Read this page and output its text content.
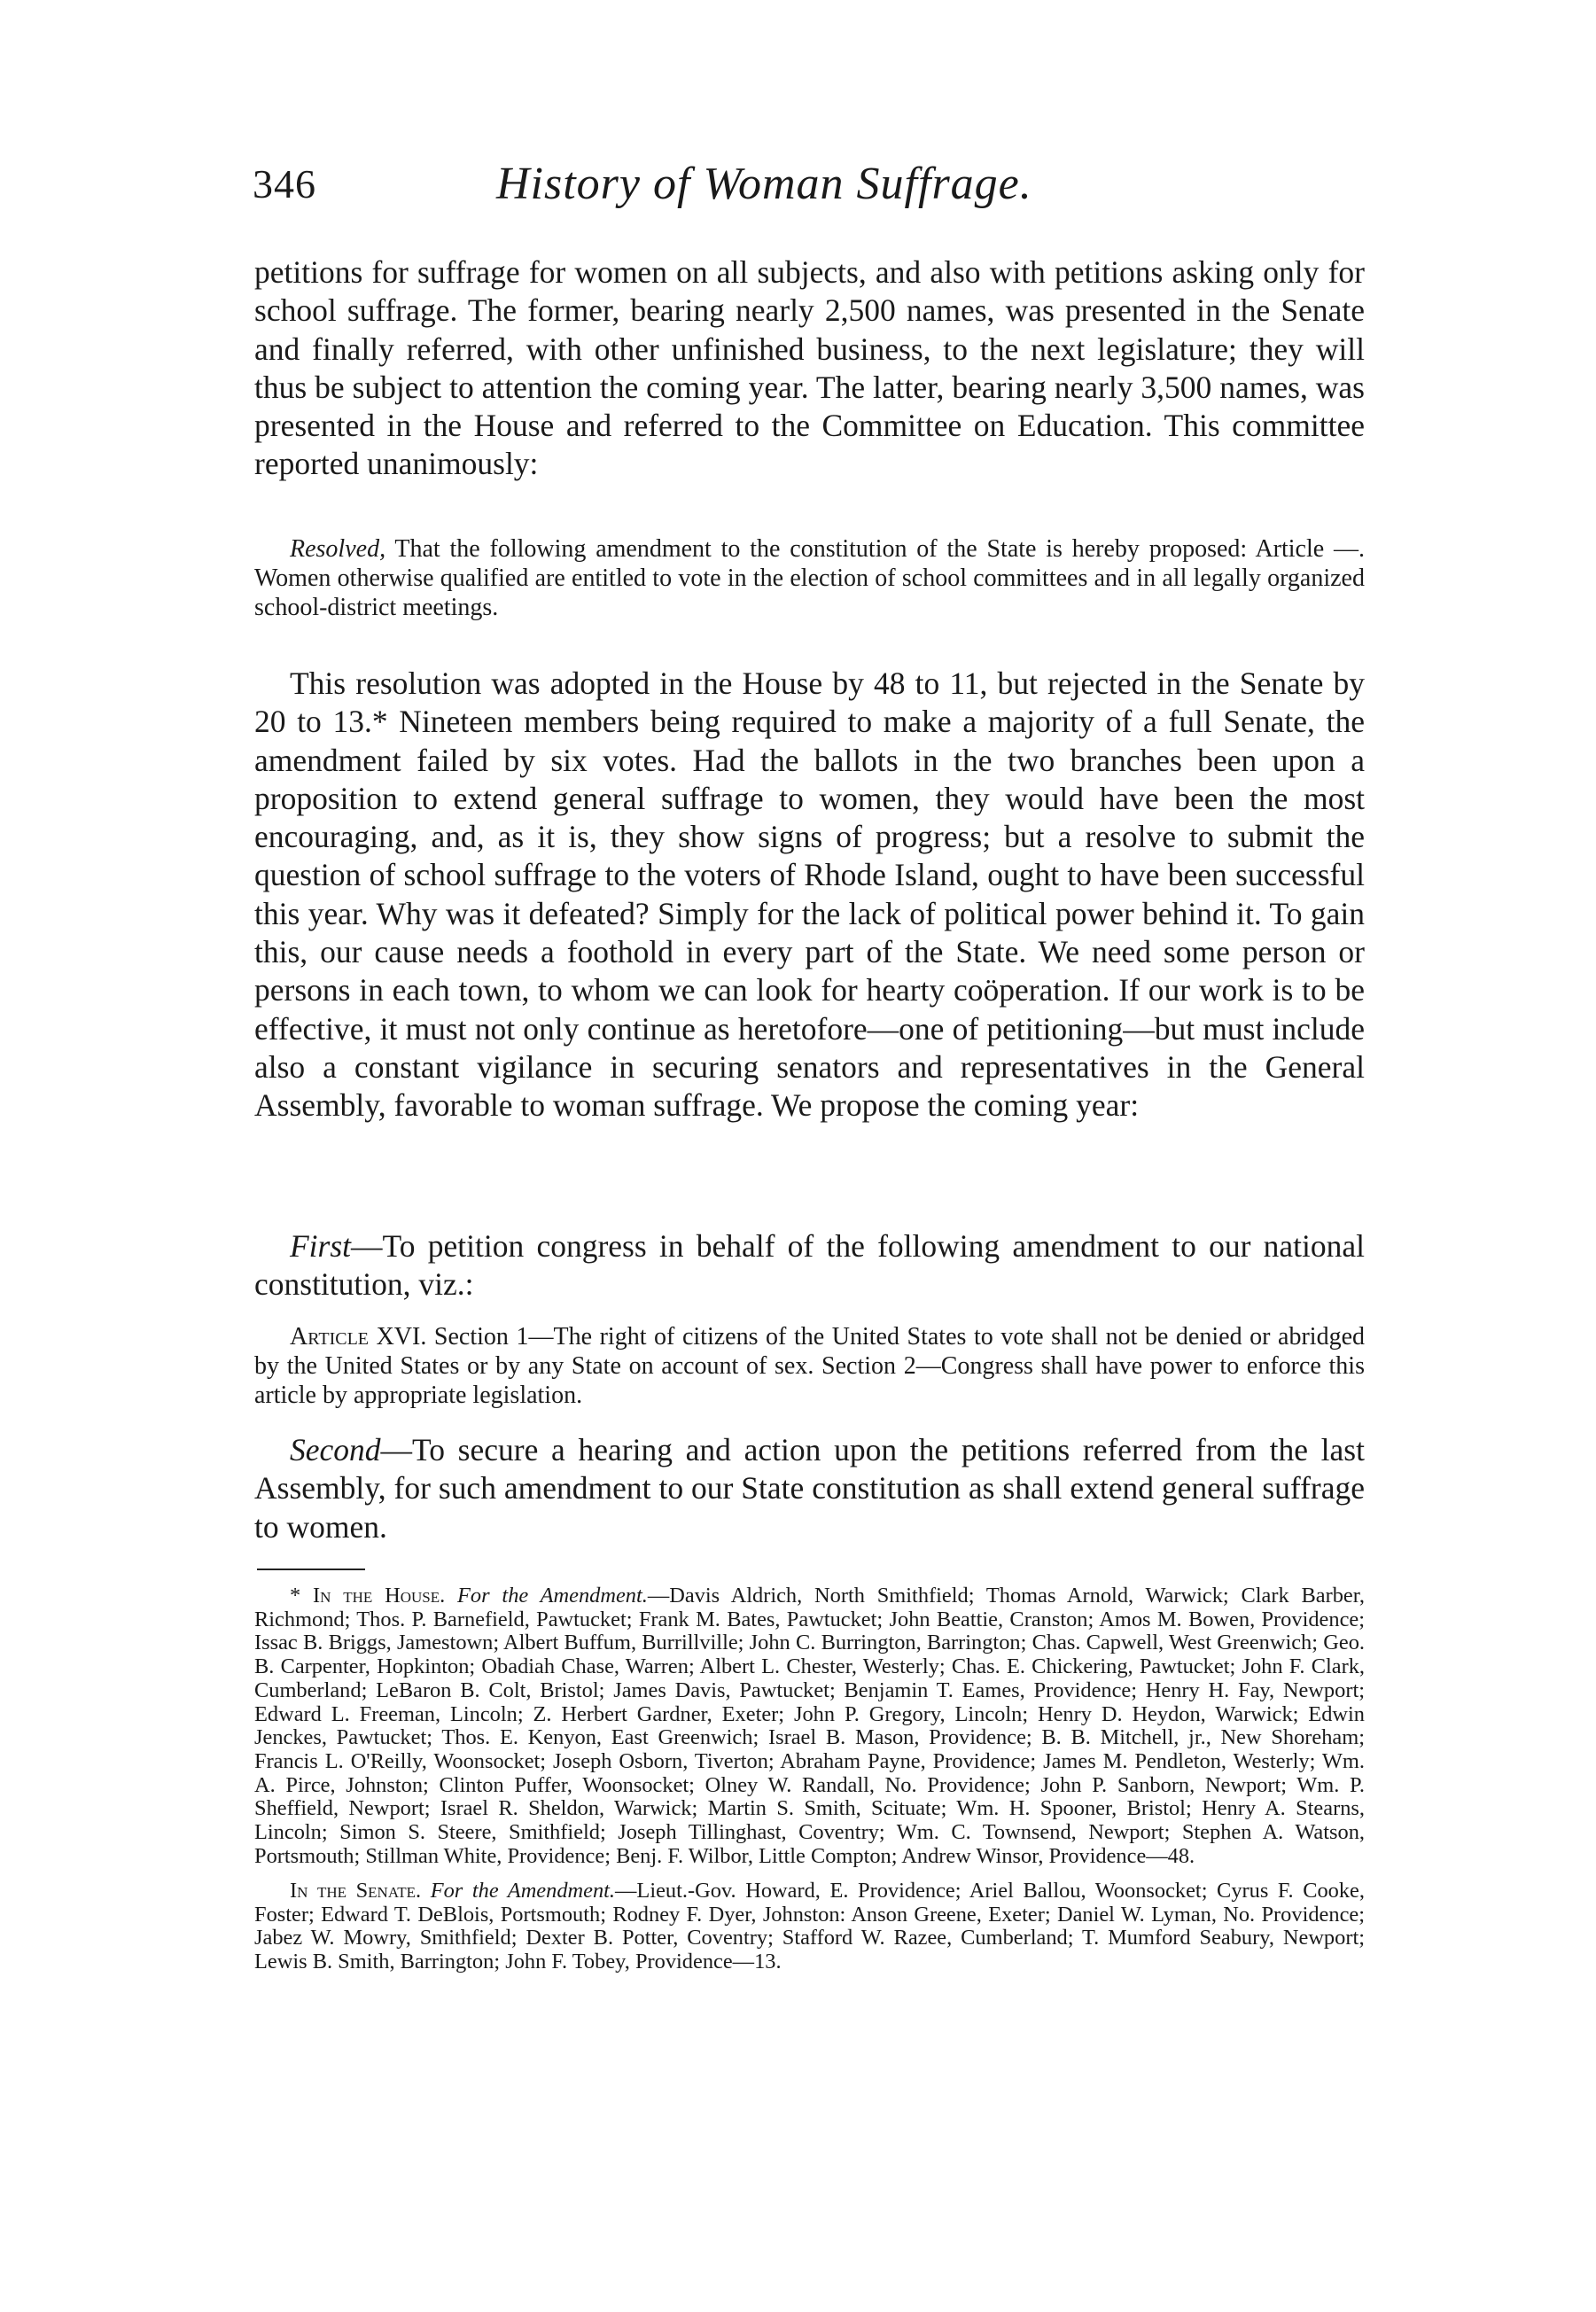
346	History of Woman Suffrage.

petitions for suffrage for women on all subjects, and also with petitions asking only for school suffrage. The former, bearing nearly 2,500 names, was presented in the Senate and finally referred, with other unfinished business, to the next legislature; they will thus be subject to attention the coming year. The latter, bearing nearly 3,500 names, was presented in the House and referred to the Committee on Education. This committee reported unanimously:

Resolved, That the following amendment to the constitution of the State is hereby proposed: Article —. Women otherwise qualified are entitled to vote in the election of school committees and in all legally organized school-district meetings.

This resolution was adopted in the House by 48 to 11, but rejected in the Senate by 20 to 13.* Nineteen members being required to make a majority of a full Senate, the amendment failed by six votes. Had the ballots in the two branches been upon a proposition to extend general suffrage to women, they would have been the most encouraging, and, as it is, they show signs of progress; but a resolve to submit the question of school suffrage to the voters of Rhode Island, ought to have been successful this year. Why was it defeated? Simply for the lack of political power behind it. To gain this, our cause needs a foothold in every part of the State. We need some person or persons in each town, to whom we can look for hearty coöperation. If our work is to be effective, it must not only continue as heretofore—one of petitioning—but must include also a constant vigilance in securing senators and representatives in the General Assembly, favorable to woman suffrage. We propose the coming year:

First—To petition congress in behalf of the following amendment to our national constitution, viz.:

Article XVI. Section 1—The right of citizens of the United States to vote shall not be denied or abridged by the United States or by any State on account of sex. Section 2—Congress shall have power to enforce this article by appropriate legislation.

Second—To secure a hearing and action upon the petitions referred from the last Assembly, for such amendment to our State constitution as shall extend general suffrage to women.

* In the House. For the Amendment.—Davis Aldrich, North Smithfield; Thomas Arnold, Warwick; Clark Barber, Richmond; Thos. P. Barnefield, Pawtucket; Frank M. Bates, Pawtucket; John Beattie, Cranston; Amos M. Bowen, Providence; Issac B. Briggs, Jamestown; Albert Buffum, Burrillville; John C. Burrington, Barrington; Chas. Capwell, West Greenwich; Geo. B. Carpenter, Hopkinton; Obadiah Chase, Warren; Albert L. Chester, Westerly; Chas. E. Chickering, Pawtucket; John F. Clark, Cumberland; LeBaron B. Colt, Bristol; James Davis, Pawtucket; Benjamin T. Eames, Providence; Henry H. Fay, Newport; Edward L. Freeman, Lincoln; Z. Herbert Gardner, Exeter; John P. Gregory, Lincoln; Henry D. Heydon, Warwick; Edwin Jenckes, Pawtucket; Thos. E. Kenyon, East Greenwich; Israel B. Mason, Providence; B. B. Mitchell, jr., New Shoreham; Francis L. O'Reilly, Woonsocket; Joseph Osborn, Tiverton; Abraham Payne, Providence; James M. Pendleton, Westerly; Wm. A. Pirce, Johnston; Clinton Puffer, Woonsocket; Olney W. Randall, No. Providence; John P. Sanborn, Newport; Wm. P. Sheffield, Newport; Israel R. Sheldon, Warwick; Martin S. Smith, Scituate; Wm. H. Spooner, Bristol; Henry A. Stearns, Lincoln; Simon S. Steere, Smithfield; Joseph Tillinghast, Coventry; Wm. C. Townsend, Newport; Stephen A. Watson, Portsmouth; Stillman White, Providence; Benj. F. Wilbor, Little Compton; Andrew Winsor, Providence—48.

In the Senate. For the Amendment.—Lieut.-Gov. Howard, E. Providence; Ariel Ballou, Woonsocket; Cyrus F. Cooke, Foster; Edward T. DeBlois, Portsmouth; Rodney F. Dyer, Johnston: Anson Greene, Exeter; Daniel W. Lyman, No. Providence; Jabez W. Mowry, Smithfield; Dexter B. Potter, Coventry; Stafford W. Razee, Cumberland; T. Mumford Seabury, Newport; Lewis B. Smith, Barrington; John F. Tobey, Providence—13.
